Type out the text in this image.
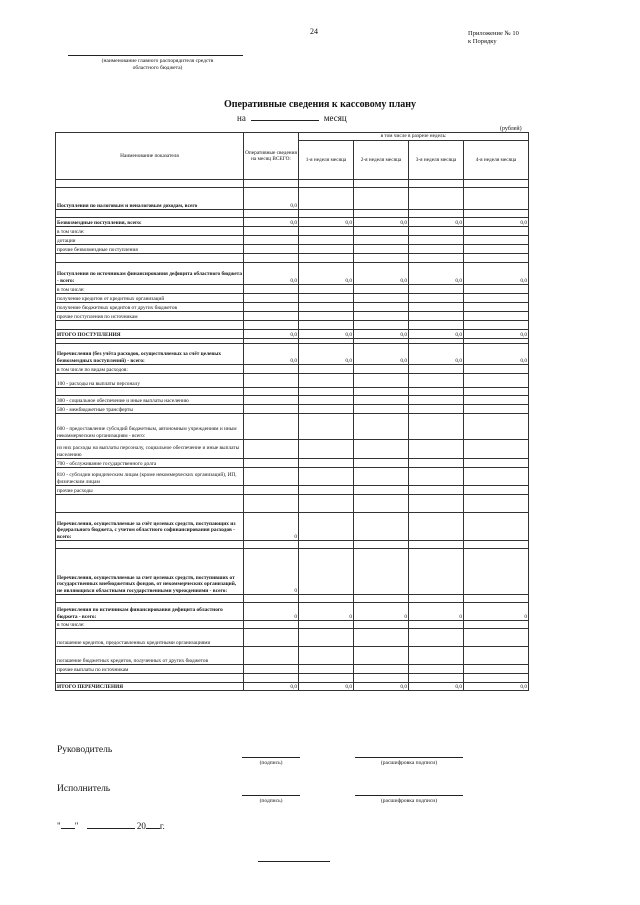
24	Приложение № 10
к Порядку
(наименование главного распорядителя средств
областного бюджета)
Оперативные сведения к кассовому плану
на	месяц
(рублей)
Наименование показателя	Оперативные сведения на месяц ВСЕГО:	в том числе в разрезе недель:			
		1-я неделя месяца	2-я неделя месяца	3-я неделя месяца	4-я неделя месяца

Поступления по налоговым и неналоговым доходам, всего	0,0				

Безвозмездные поступления, всего:	0,0	0,0	0,0	0,0	0,0
в том числе:					
дотации					
прочие безвозмездные поступления					

Поступления по источникам финансирования дефицита областного бюджета - всего:	0,0	0,0	0,0	0,0	0,0
в том числе:					
получение кредитов от кредитных организаций					
получение бюджетных кредитов от других бюджетов					
прочие поступления по источникам					

ИТОГО ПОСТУПЛЕНИЯ	0,0	0,0	0,0	0,0	0,0

Перечисления (без учёта расходов, осуществляемых за счёт целевых безвозмездных поступлений) - всего:	0,0	0,0	0,0	0,0	0,0
в том числе по видам расходов:					
100 - расходы на выплаты персоналу					

300 - социальное обеспечение и иные выплаты населению					
500 - межбюджетные трансферты					
600 - предоставление субсидий бюджетным, автономным учреждениям и иным некоммерческим организациям - всего:					
из них расходы на выплаты персоналу, социальное обеспечение и иные выплаты населению					
700 - обслуживание государственного долга					
810 - субсидии юридическим лицам (кроме некоммерческих организаций), ИП, физическим лицам					
прочие расходы					

Перечисления, осуществляемые за счёт целевых средств, поступающих из федерального бюджета, с учетом областного софинансирования расходов - всего:	0				

Перечисления, осуществляемые за счет целевых средств, поступивших от государственных внебюджетных фондов, от некоммерческих организаций, не являющихся областными государственными учреждениями - всего:	0				

Перечисления по источникам финансирования дефицита областного бюджета - всего:	0	0	0	0	0
в том числе:					
погашение кредитов, предоставленных кредитными организациями					
погашение бюджетных кредитов, полученных от других бюджетов					
прочие выплаты по источникам					

ИТОГО ПЕРЕЧИСЛЕНИЯ	0,0	0,0	0,0	0,0	0,0
Руководитель
(подпись)	(расшифровка подписи)
Исполнитель
(подпись)	(расшифровка подписи)
" "	20 г.
